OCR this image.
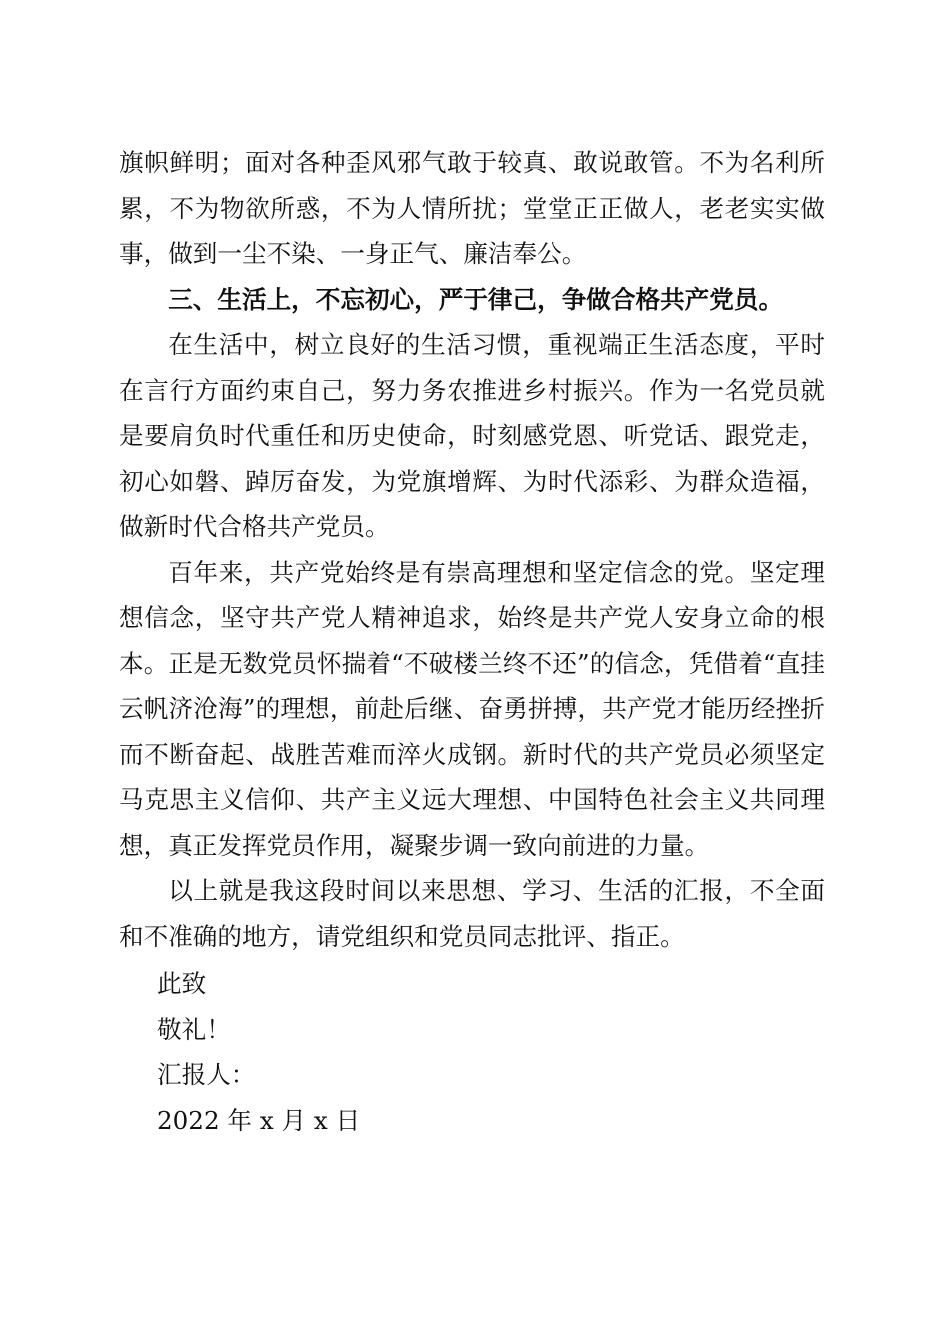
旗帜鲜明；面对各种歪风邪气敢于较真、敢说敢管。不为名利所累，不为物欲所惑，不为人情所扰；堂堂正正做人，老老实实做事，做到一尘不染、一身正气、廉洁奉公。

三、生活上，不忘初心，严于律己，争做合格共产党员。

在生活中，树立良好的生活习惯，重视端正生活态度，平时在言行方面约束自己，努力务农推进乡村振兴。作为一名党员就是要肩负时代重任和历史使命，时刻感党恩、听党话、跟党走，初心如磐、踔厉奋发，为党旗增辉、为时代添彩、为群众造福，做新时代合格共产党员。

百年来，共产党始终是有崇高理想和坚定信念的党。坚定理想信念，坚守共产党人精神追求，始终是共产党人安身立命的根本。正是无数党员怀揣着“不破楼兰终不还”的信念，凭借着“直挂云帆济沧海”的理想，前赴后继、奋勇拼搏，共产党才能历经挫折而不断奋起、战胜苦难而淬火成钢。新时代的共产党员必须坚定马克思主义信仰、共产主义远大理想、中国特色社会主义共同理想，真正发挥党员作用，凝聚步调一致向前进的力量。

以上就是我这段时间以来思想、学习、生活的汇报，不全面和不准确的地方，请党组织和党员同志批评、指正。

此致

敬礼！

汇报人：

2022 年 x 月 x 日
